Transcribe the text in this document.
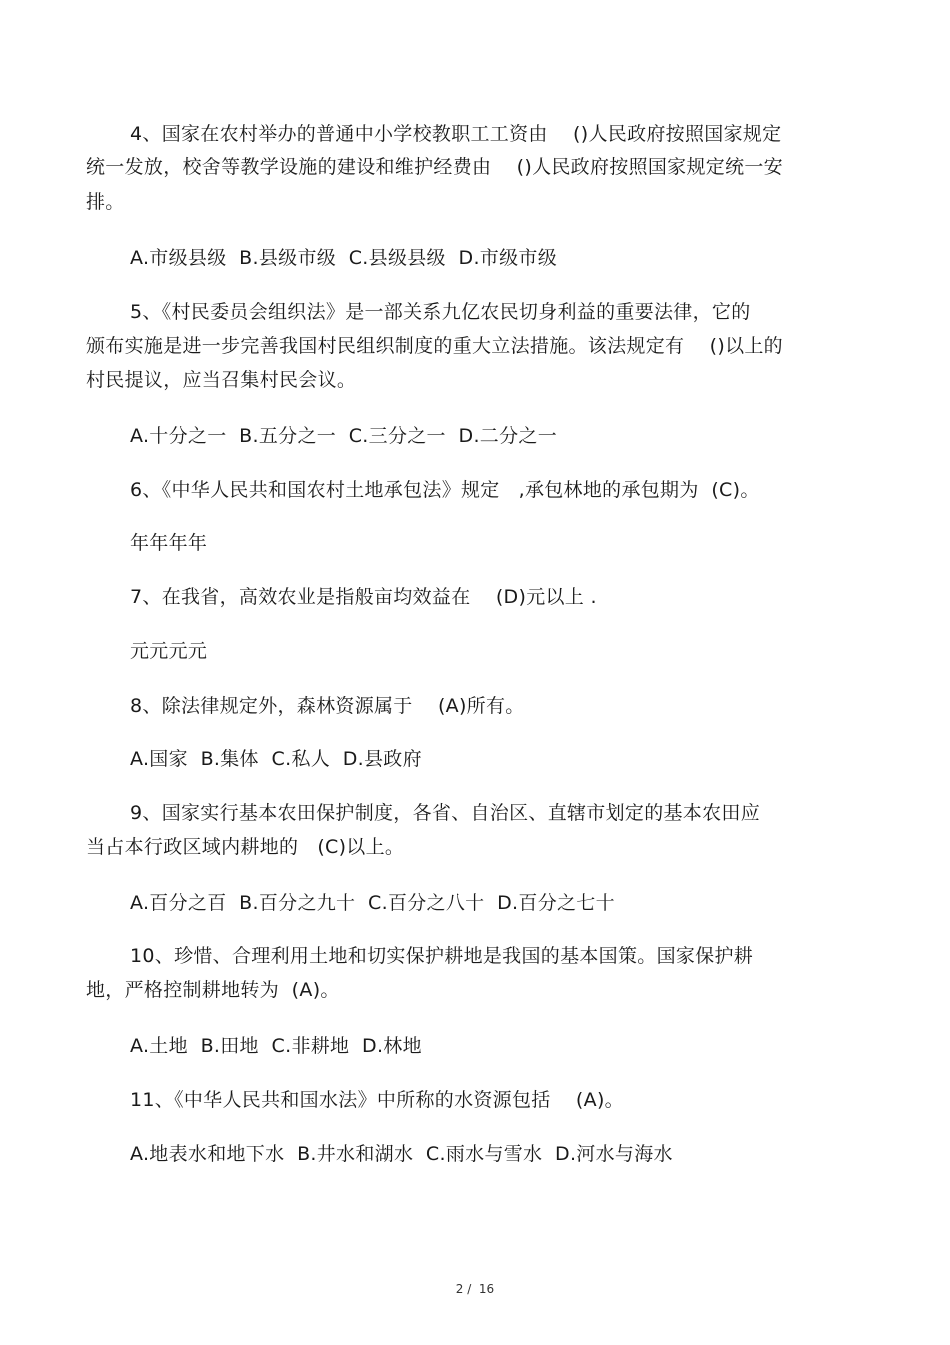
4、国家在农村举办的普通中小学校教职工工资由    ()人民政府按照国家规定
统一发放，校舍等教学设施的建设和维护经费由    ()人民政府按照国家规定统一安
排。
A.市级县级  B.县级市级  C.县级县级  D.市级市级
5、《村民委员会组织法》是一部关系九亿农民切身利益的重要法律，它的
颁布实施是进一步完善我国村民组织制度的重大立法措施。该法规定有    ()以上的
村民提议，应当召集村民会议。
A.十分之一  B.五分之一  C.三分之一  D.二分之一
6、《中华人民共和国农村土地承包法》规定   ,承包林地的承包期为  (C)。
年年年年
7、在我省，高效农业是指般亩均效益在    (D)元以上 .
元元元元
8、除法律规定外，森林资源属于    (A)所有。
A.国家  B.集体  C.私人  D.县政府
9、国家实行基本农田保护制度，各省、自治区、直辖市划定的基本农田应
当占本行政区域内耕地的   (C)以上。
A.百分之百  B.百分之九十  C.百分之八十  D.百分之七十
10、珍惜、合理利用土地和切实保护耕地是我国的基本国策。国家保护耕
地，严格控制耕地转为  (A)。
A.土地  B.田地  C.非耕地  D.林地
11、《中华人民共和国水法》中所称的水资源包括    (A)。
A.地表水和地下水  B.井水和湖水  C.雨水与雪水  D.河水与海水
2 /  16
